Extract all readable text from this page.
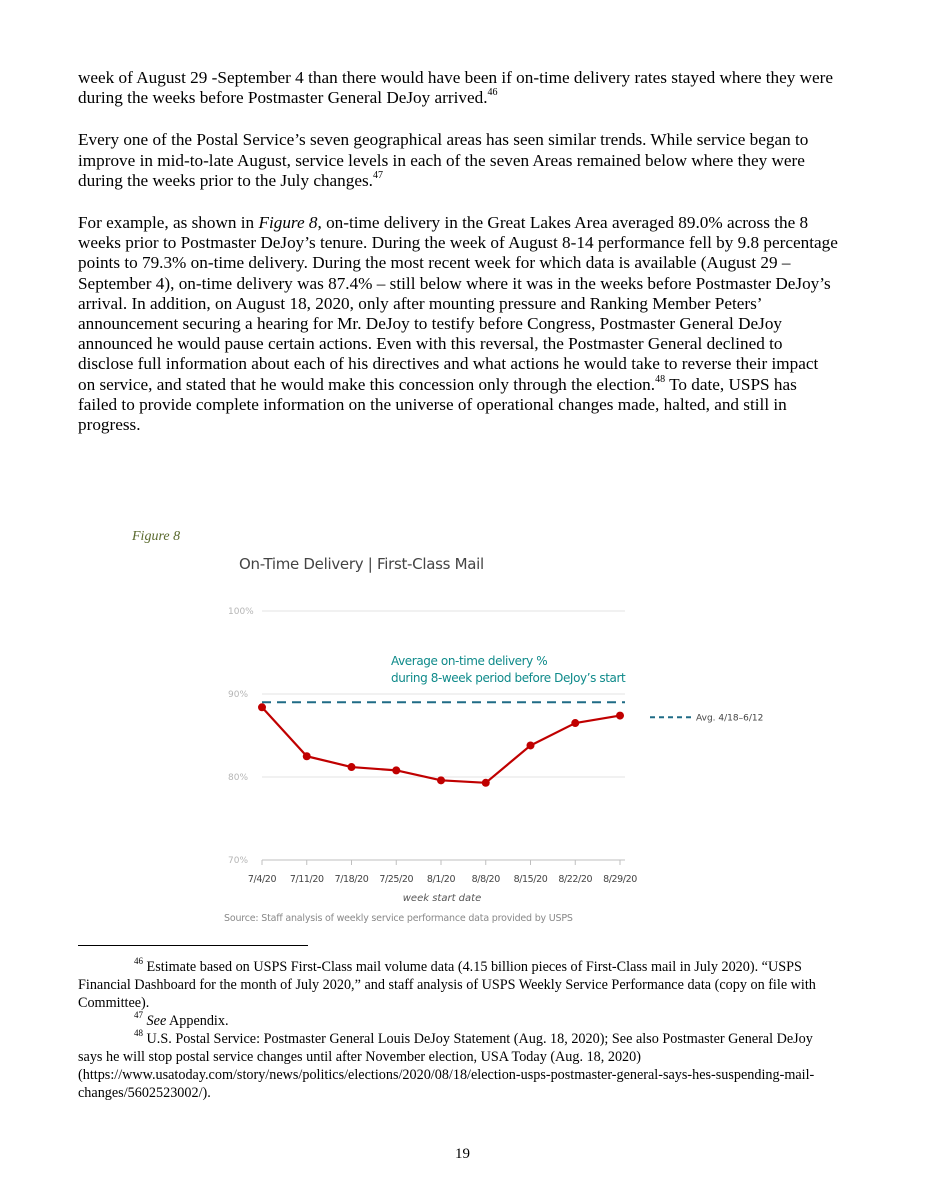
week of August 29 -September 4 than there would have been if on-time delivery rates stayed where they were during the weeks before Postmaster General DeJoy arrived.$^{46}$

Every one of the Postal Service’s seven geographical areas has seen similar trends. While service began to improve in mid-to-late August, service levels in each of the seven Areas remained below where they were during the weeks prior to the July changes.$^{47}$

For example, as shown in Figure 8, on-time delivery in the Great Lakes Area averaged 89.0% across the 8 weeks prior to Postmaster DeJoy’s tenure. During the week of August 8-14 performance fell by 9.8 percentage points to 79.3% on-time delivery. During the most recent week for which data is available (August 29 – September 4), on-time delivery was 87.4% – still below where it was in the weeks before Postmaster DeJoy’s arrival. In addition, on August 18, 2020, only after mounting pressure and Ranking Member Peters’ announcement securing a hearing for Mr. DeJoy to testify before Congress, Postmaster General DeJoy announced he would pause certain actions. Even with this reversal, the Postmaster General declined to disclose full information about each of his directives and what actions he would take to reverse their impact on service, and stated that he would make this concession only through the election.$^{48}$ To date, USPS has failed to provide complete information on the universe of operational changes made, halted, and still in progress.

Figure 8
On-Time Delivery | First-Class Mail
70%
80%
90%
100%
7/4/20 7/11/20 7/18/20 7/25/20 8/1/20 8/8/20 8/15/20 8/22/20 8/29/20
Avg. 4/18–6/12
Average on-time delivery %
during 8-week period before DeJoy’s start
week start date
Source: Staff analysis of weekly service performance data provided by USPS

$^{46}$ Estimate based on USPS First-Class mail volume data (4.15 billion pieces of First-Class mail in July 2020). “USPS Financial Dashboard for the month of July 2020,” and staff analysis of USPS Weekly Service Performance data (copy on file with Committee).

$^{47}$ See Appendix.

$^{48}$ U.S. Postal Service: Postmaster General Louis DeJoy Statement (Aug. 18, 2020); See also Postmaster General DeJoy says he will stop postal service changes until after November election, USA Today (Aug. 18, 2020) (https://www.usatoday.com/story/news/politics/elections/2020/08/18/election-usps-postmaster-general-says-hes-suspending-mail-changes/5602523002/).

19
